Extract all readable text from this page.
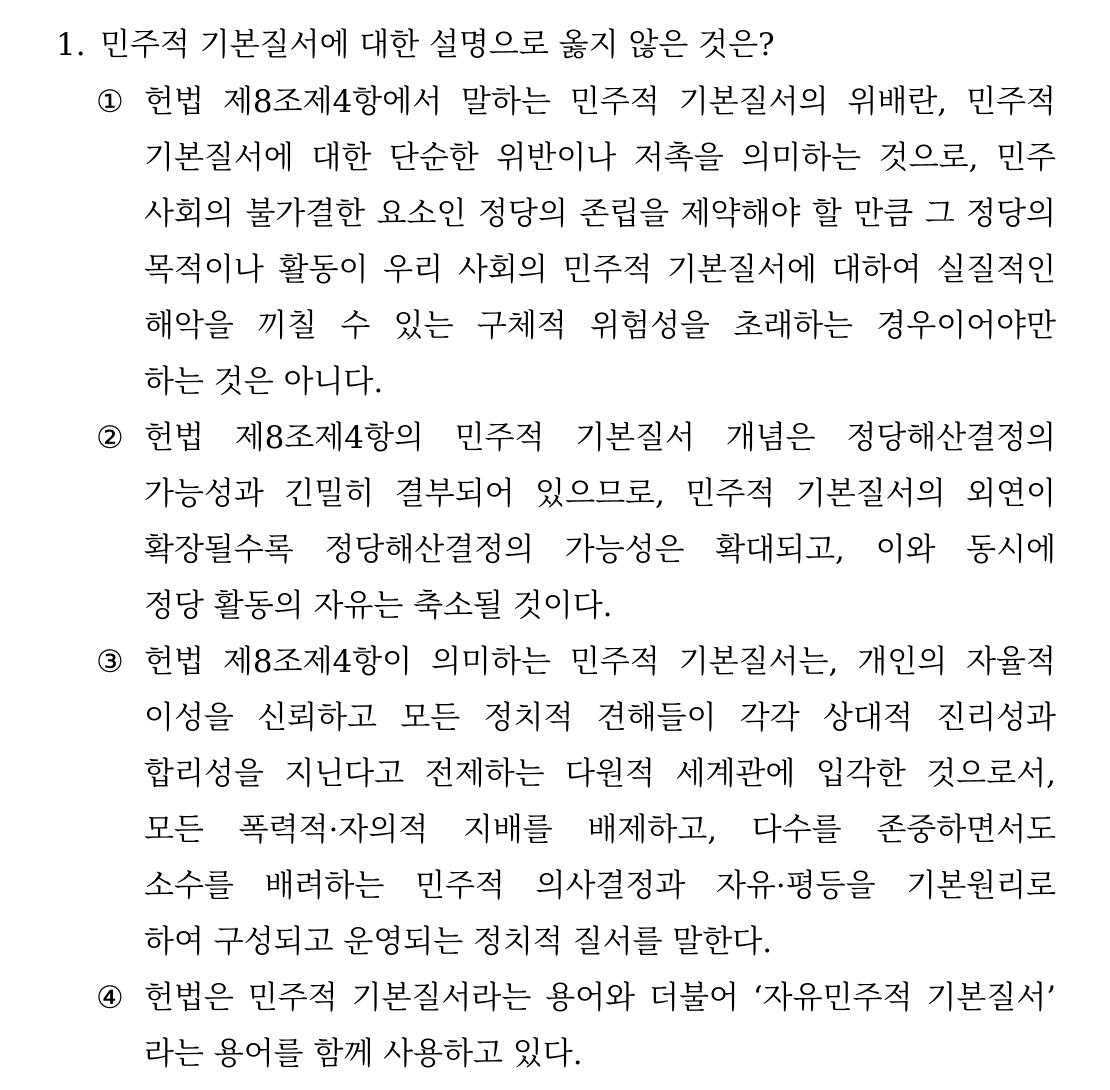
1. 민주적 기본질서에 대한 설명으로 옳지 않은 것은?
① 헌법 제8조제4항에서 말하는 민주적 기본질서의 위배란, 민주적
기본질서에 대한 단순한 위반이나 저촉을 의미하는 것으로, 민주
사회의 불가결한 요소인 정당의 존립을 제약해야 할 만큼 그 정당의
목적이나 활동이 우리 사회의 민주적 기본질서에 대하여 실질적인
해악을 끼칠 수 있는 구체적 위험성을 초래하는 경우이어야만
하는 것은 아니다.
② 헌법 제8조제4항의 민주적 기본질서 개념은 정당해산결정의
가능성과 긴밀히 결부되어 있으므로, 민주적 기본질서의 외연이
확장될수록 정당해산결정의 가능성은 확대되고, 이와 동시에
정당 활동의 자유는 축소될 것이다.
③ 헌법 제8조제4항이 의미하는 민주적 기본질서는, 개인의 자율적
이성을 신뢰하고 모든 정치적 견해들이 각각 상대적 진리성과
합리성을 지닌다고 전제하는 다원적 세계관에 입각한 것으로서,
모든 폭력적·자의적 지배를 배제하고, 다수를 존중하면서도
소수를 배려하는 민주적 의사결정과 자유·평등을 기본원리로
하여 구성되고 운영되는 정치적 질서를 말한다.
④ 헌법은 민주적 기본질서라는 용어와 더불어 ‘자유민주적 기본질서’
라는 용어를 함께 사용하고 있다.
